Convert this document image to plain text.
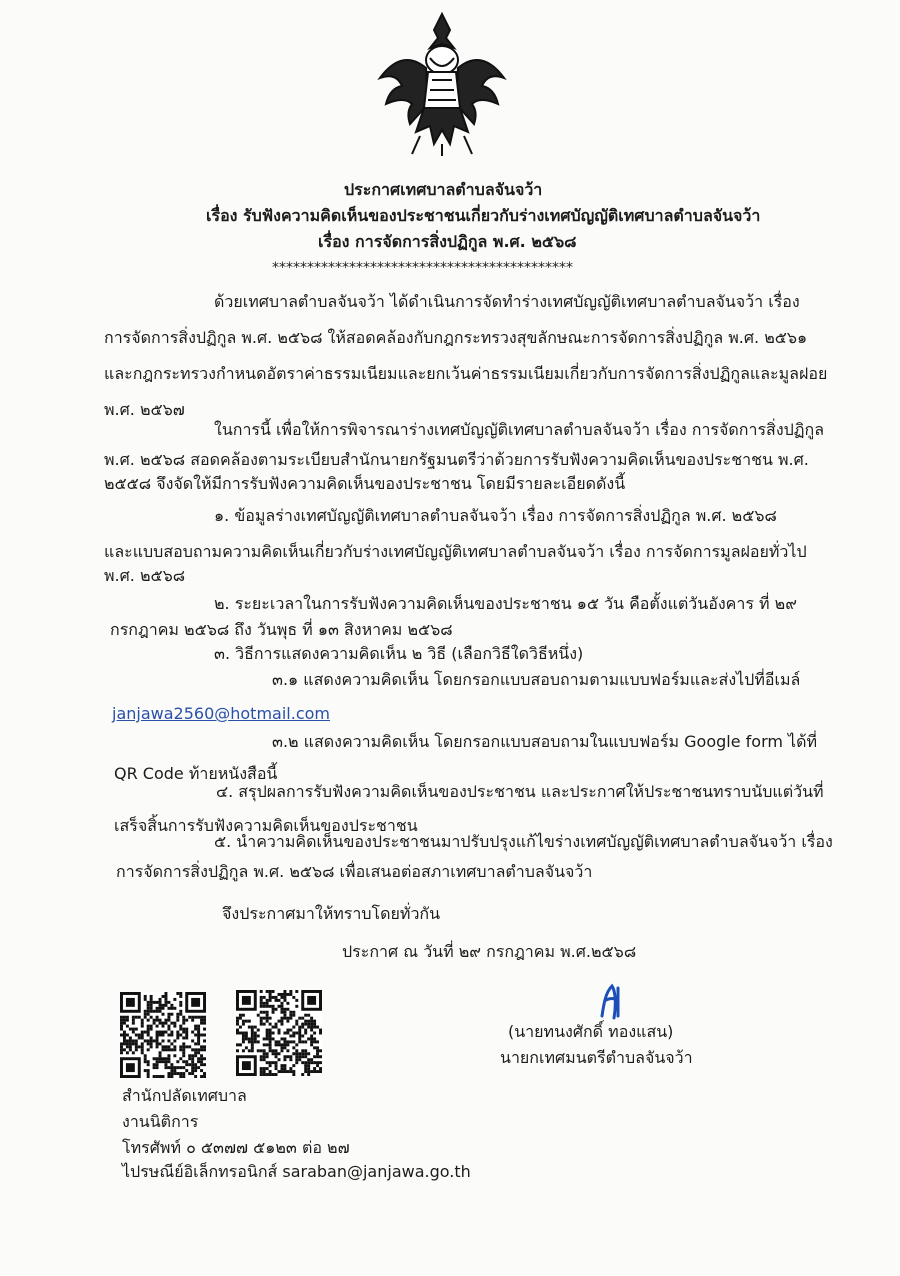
ประกาศเทศบาลตำบลจันจว้า
เรื่อง รับฟังความคิดเห็นของประชาชนเกี่ยวกับร่างเทศบัญญัติเทศบาลตำบลจันจว้า
เรื่อง การจัดการสิ่งปฏิกูล พ.ศ. ๒๕๖๘
*******************************************
ด้วยเทศบาลตำบลจันจว้า ได้ดำเนินการจัดทำร่างเทศบัญญัติเทศบาลตำบลจันจว้า เรื่อง
การจัดการสิ่งปฏิกูล พ.ศ. ๒๕๖๘ ให้สอดคล้องกับกฎกระทรวงสุขลักษณะการจัดการสิ่งปฏิกูล พ.ศ. ๒๕๖๑
และกฎกระทรวงกำหนดอัตราค่าธรรมเนียมและยกเว้นค่าธรรมเนียมเกี่ยวกับการจัดการสิ่งปฏิกูลและมูลฝอย
พ.ศ. ๒๕๖๗
ในการนี้ เพื่อให้การพิจารณาร่างเทศบัญญัติเทศบาลตำบลจันจว้า เรื่อง การจัดการสิ่งปฏิกูล
พ.ศ. ๒๕๖๘ สอดคล้องตามระเบียบสำนักนายกรัฐมนตรีว่าด้วยการรับฟังความคิดเห็นของประชาชน พ.ศ.
๒๕๕๘ จึงจัดให้มีการรับฟังความคิดเห็นของประชาชน โดยมีรายละเอียดดังนี้
๑. ข้อมูลร่างเทศบัญญัติเทศบาลตำบลจันจว้า เรื่อง การจัดการสิ่งปฏิกูล พ.ศ. ๒๕๖๘
และแบบสอบถามความคิดเห็นเกี่ยวกับร่างเทศบัญญัติเทศบาลตำบลจันจว้า เรื่อง การจัดการมูลฝอยทั่วไป
พ.ศ. ๒๕๖๘
๒. ระยะเวลาในการรับฟังความคิดเห็นของประชาชน ๑๕ วัน คือตั้งแต่วันอังคาร ที่ ๒๙
กรกฎาคม ๒๕๖๘ ถึง วันพุธ ที่ ๑๓ สิงหาคม ๒๕๖๘
๓. วิธีการแสดงความคิดเห็น ๒ วิธี (เลือกวิธีใดวิธีหนึ่ง)
๓.๑ แสดงความคิดเห็น โดยกรอกแบบสอบถามตามแบบฟอร์มและส่งไปที่อีเมล์
janjawa2560@hotmail.com
๓.๒ แสดงความคิดเห็น โดยกรอกแบบสอบถามในแบบฟอร์ม Google form ได้ที่
QR Code ท้ายหนังสือนี้
๔. สรุปผลการรับฟังความคิดเห็นของประชาชน และประกาศให้ประชาชนทราบนับแต่วันที่
เสร็จสิ้นการรับฟังความคิดเห็นของประชาชน
๕. นำความคิดเห็นของประชาชนมาปรับปรุงแก้ไขร่างเทศบัญญัติเทศบาลตำบลจันจว้า เรื่อง
การจัดการสิ่งปฏิกูล พ.ศ. ๒๕๖๘ เพื่อเสนอต่อสภาเทศบาลตำบลจันจว้า
จึงประกาศมาให้ทราบโดยทั่วกัน
ประกาศ ณ วันที่ ๒๙ กรกฎาคม พ.ศ.๒๕๖๘
(นายทนงศักดิ์ ทองแสน)
นายกเทศมนตรีตำบลจันจว้า
สำนักปลัดเทศบาล
งานนิติการ
โทรศัพท์ ๐ ๕๓๗๗ ๕๑๒๓ ต่อ ๒๗
ไปรษณีย์อิเล็กทรอนิกส์ saraban@janjawa.go.th
